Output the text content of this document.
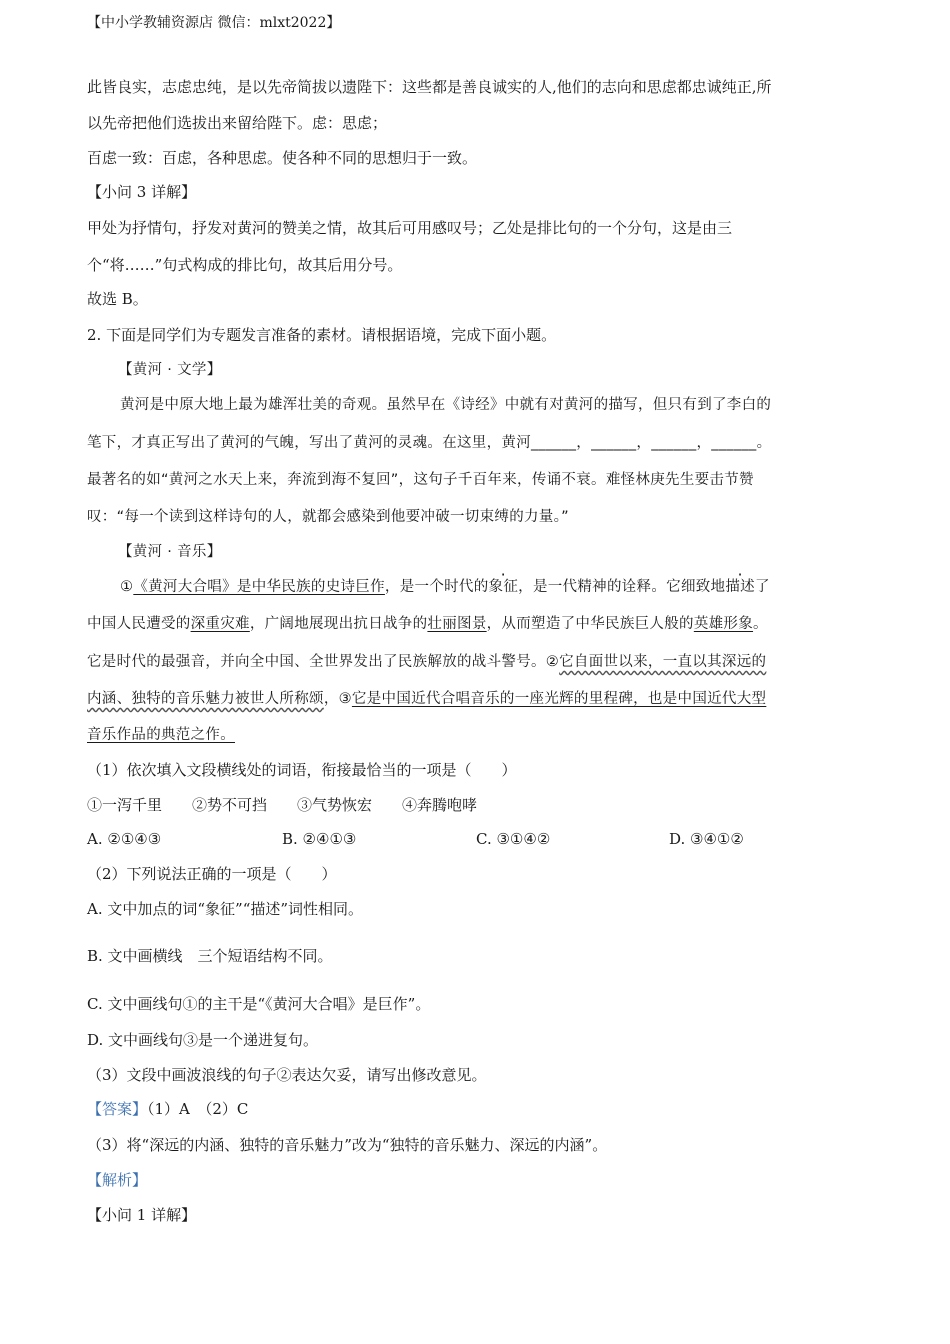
【中小学教辅资源店 微信：mlxt2022】
此皆良实，志虑忠纯，是以先帝简拔以遗陛下：这些都是善良诚实的人,他们的志向和思虑都忠诚纯正,所
以先帝把他们选拔出来留给陛下。虑：思虑；
百虑一致：百虑，各种思虑。使各种不同的思想归于一致。
【小问 3 详解】
甲处为抒情句，抒发对黄河的赞美之情，故其后可用感叹号；乙处是排比句的一个分句，这是由三
个“将……”句式构成的排比句，故其后用分号。
故选 B。
2. 下面是同学们为专题发言准备的素材。请根据语境，完成下面小题。
【黄河 · 文学】
黄河是中原大地上最为雄浑壮美的奇观。虽然早在《诗经》中就有对黄河的描写，但只有到了李白的
笔下，才真正写出了黄河的气魄，写出了黄河的灵魂。在这里，黄河______，______，______，______。
最著名的如“黄河之水天上来，奔流到海不复回”，这句子千百年来，传诵不衰。难怪林庚先生要击节赞
叹：“每一个读到这样诗句的人，就都会感染到他要冲破一切束缚的力量。”
【黄河 · 音乐】
①《黄河大合唱》是中华民族的史诗巨作，是一个时代的象征，是一代精神的诠释。它细致地描述了
中国人民遭受的深重灾难，广阔地展现出抗日战争的壮丽图景，从而塑造了中华民族巨人般的英雄形象。
它是时代的最强音，并向全中国、全世界发出了民族解放的战斗警号。②它自面世以来，一直以其深远的
内涵、独特的音乐魅力被世人所称颂，③它是中国近代合唱音乐的一座光辉的里程碑，也是中国近代大型
音乐作品的典范之作。
（1）依次填入文段横线处的词语，衔接最恰当的一项是（　　）
①一泻千里　　②势不可挡　　③气势恢宏　　④奔腾咆哮
A. ②①④③	B. ②④①③	C. ③①④②	D. ③④①②
（2）下列说法正确的一项是（　　）
A. 文中加点的词“象征”“描述”词性相同。
B. 文中画横线　三个短语结构不同。
C. 文中画线句①的主干是“《黄河大合唱》是巨作”。
D. 文中画线句③是一个递进复句。
（3）文段中画波浪线的句子②表达欠妥，请写出修改意见。
【答案】（1）A　（2）C
（3）将“深远的内涵、独特的音乐魅力”改为“独特的音乐魅力、深远的内涵”。
【解析】
【小问 1 详解】
